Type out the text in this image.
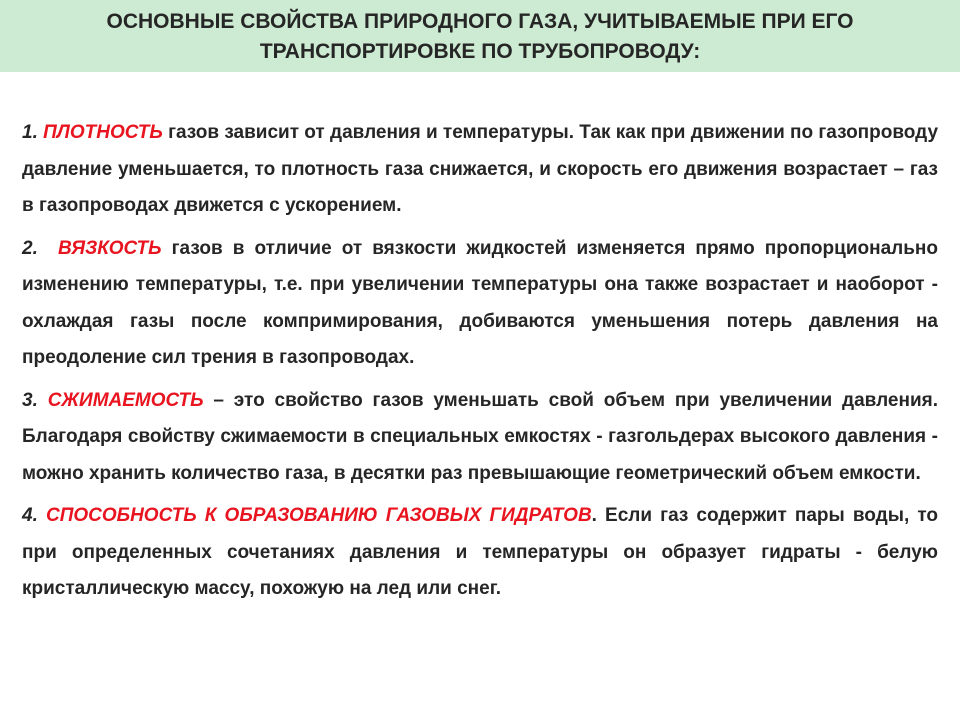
ОСНОВНЫЕ СВОЙСТВА ПРИРОДНОГО ГАЗА, УЧИТЫВАЕМЫЕ ПРИ ЕГО
ТРАНСПОРТИРОВКЕ ПО ТРУБОПРОВОДУ:

1. ПЛОТНОСТЬ газов зависит от давления и температуры. Так как при движении по газопроводу давление уменьшается, то плотность газа снижается, и скорость его движения возрастает – газ в газопроводах движется с ускорением.

2. ВЯЗКОСТЬ газов в отличие от вязкости жидкостей изменяется прямо пропорционально изменению температуры, т.е. при увеличении температуры она также возрастает и наоборот - охлаждая газы после компримирования, добиваются уменьшения потерь давления на преодоление сил трения в газопроводах.

3. СЖИМАЕМОСТЬ – это свойство газов уменьшать свой объем при увеличении давления. Благодаря свойству сжимаемости в специальных емкостях - газгольдерах высокого давления - можно хранить количество газа, в десятки раз превышающие геометрический объем емкости.

4. СПОСОБНОСТЬ К ОБРАЗОВАНИЮ ГАЗОВЫХ ГИДРАТОВ. Если газ содержит пары воды, то при определенных сочетаниях давления и температуры он образует гидраты - белую кристаллическую массу, похожую на лед или снег.
